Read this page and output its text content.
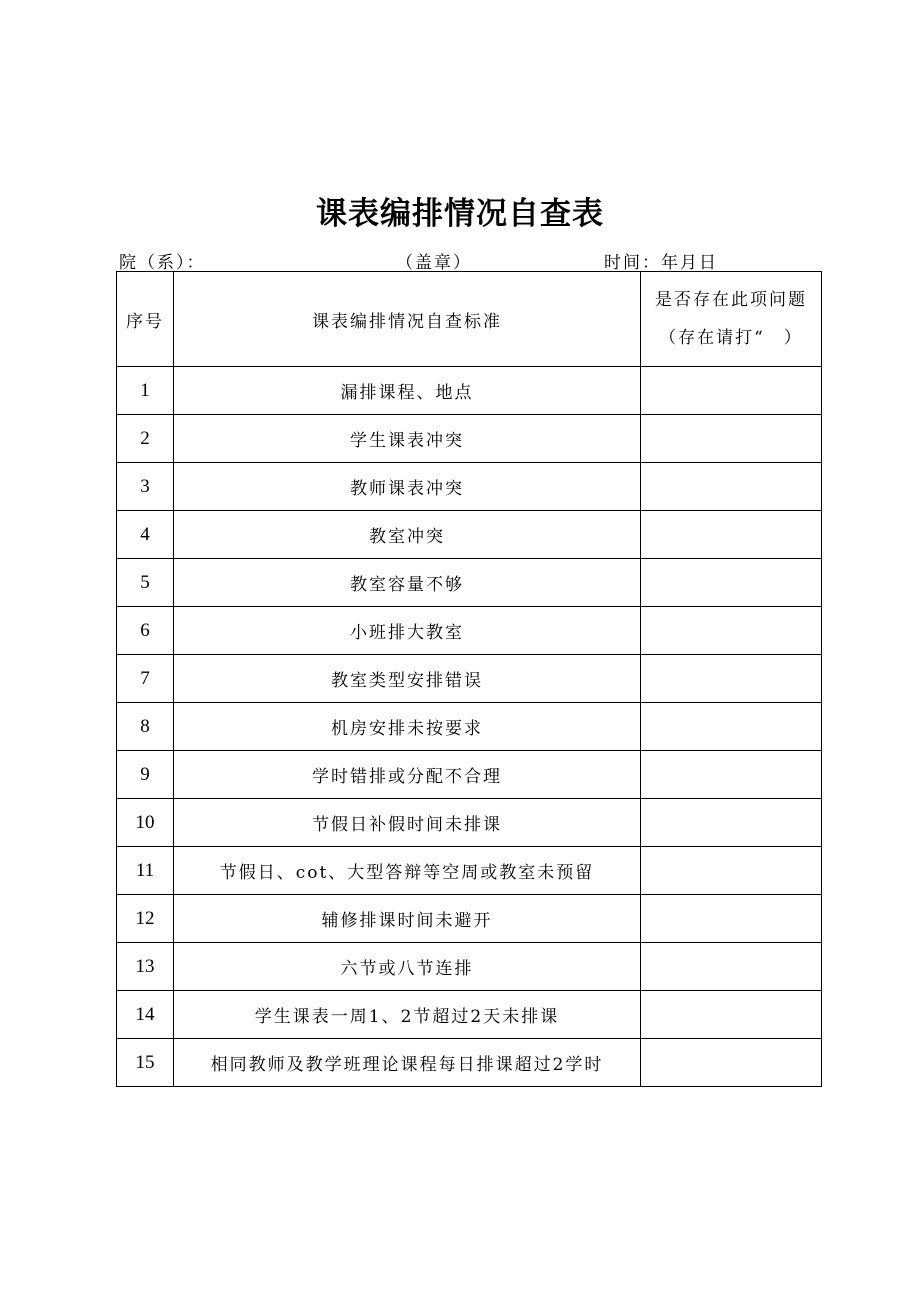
课表编排情况自查表
院（系）：	（盖章）	时间：年月日
序号	课表编排情况自查标准	是否存在此项问题
（存在请打“　）

1	漏排课程、地点	
2	学生课表冲突	
3	教师课表冲突	
4	教室冲突	
5	教室容量不够	
6	小班排大教室	
7	教室类型安排错误	
8	机房安排未按要求	
9	学时错排或分配不合理	
10	节假日补假时间未排课	
11	节假日、cot、大型答辩等空周或教室未预留	
12	辅修排课时间未避开	
13	六节或八节连排	
14	学生课表一周1、2节超过2天未排课	
15	相同教师及教学班理论课程每日排课超过2学时	
